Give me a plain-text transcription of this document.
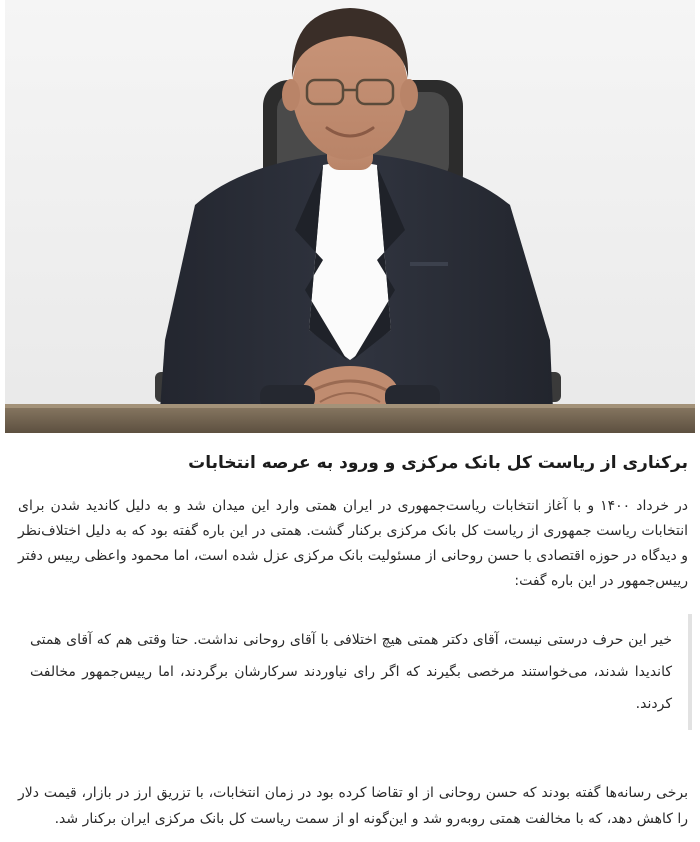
برکناری از ریاست کل بانک مرکزی و ورود به عرصه انتخابات

در خرداد ۱۴۰۰ و با آغاز انتخابات ریاست‌جمهوری در ایران همتی وارد این میدان شد و به دلیل کاندید شدن برای انتخابات ریاست جمهوری از ریاست کل بانک مرکزی برکنار گشت. همتی در این باره گفته بود که به دلیل اختلاف‌نظر و دیدگاه در حوزه اقتصادی با حسن روحانی از مسئولیت بانک مرکزی عزل شده است، اما محمود واعظی رییس دفتر رییس‌جمهور در این باره گفت:

خیر این حرف درستی نیست، آقای دکتر همتی هیچ اختلافی با آقای روحانی نداشت. حتا وقتی هم که آقای همتی کاندیدا شدند، می‌خواستند مرخصی بگیرند که اگر رای نیاوردند سرکارشان برگردند، اما رییس‌جمهور مخالفت کردند.

برخی رسانه‌ها گفته بودند که حسن روحانی از او تقاضا کرده بود در زمان انتخابات، با تزریق ارز در بازار، قیمت دلار را کاهش دهد، که با مخالفت همتی روبه‌رو شد و این‌گونه او از سمت ریاست کل بانک مرکزی ایران برکنار شد.
